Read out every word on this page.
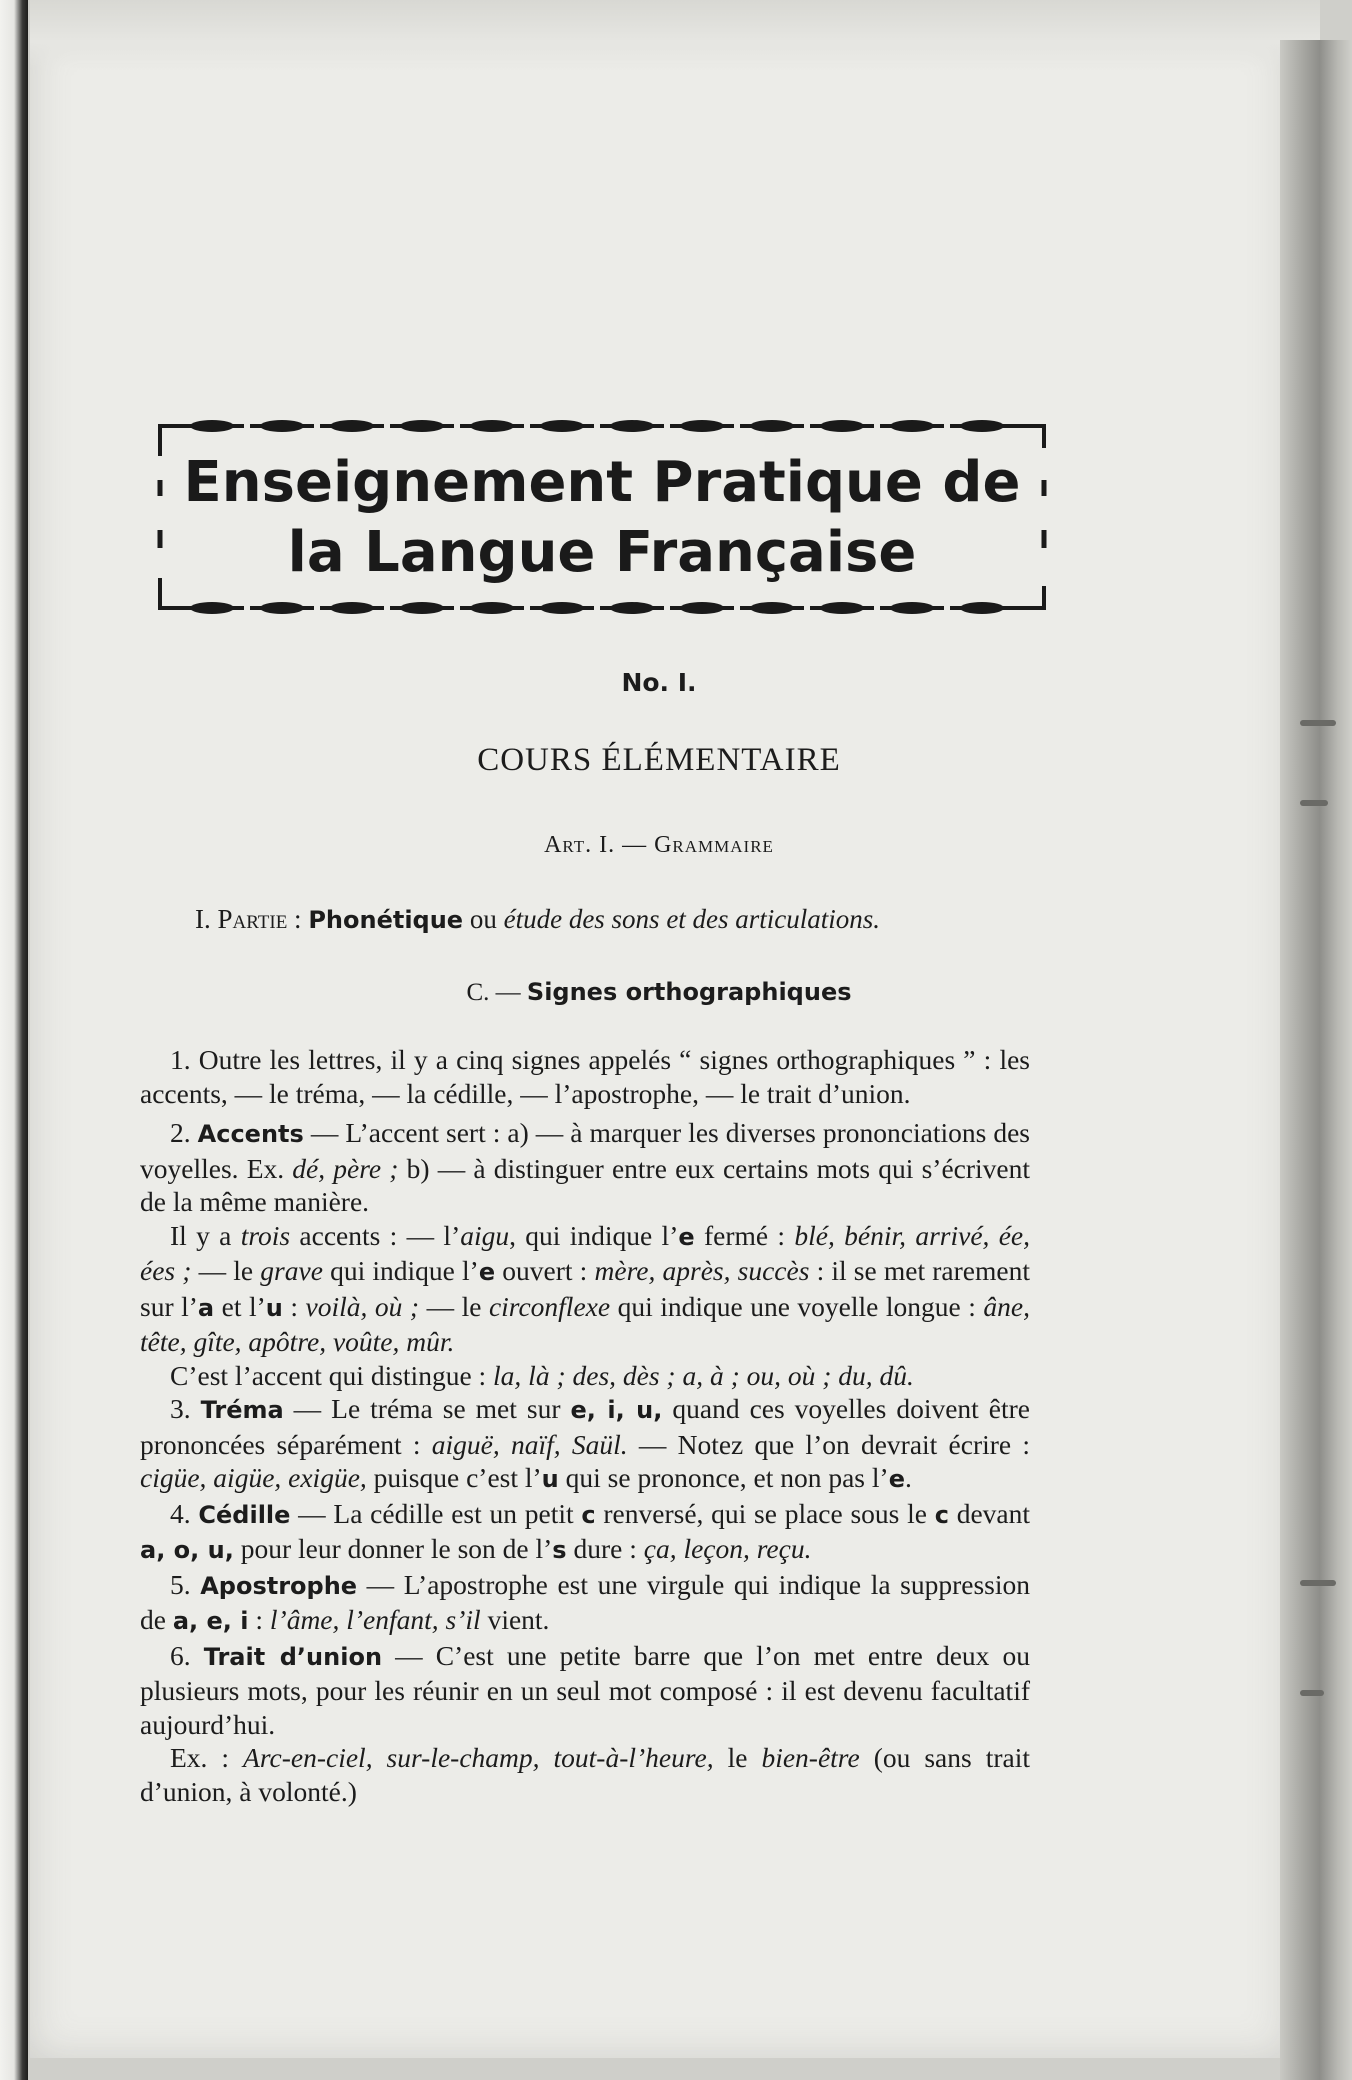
Enseignement Pratique de
la Langue Française

No. I.

COURS ÉLÉMENTAIRE

Art. I. — Grammaire

I. Partie : Phonétique ou étude des sons et des articulations.

C. — Signes orthographiques

1. Outre les lettres, il y a cinq signes appelés “ signes orthographiques ” : les accents, — le tréma, — la cédille, — l’apostrophe, — le trait d’union.

2. Accents — L’accent sert : a) — à marquer les diverses prononciations des voyelles. Ex. dé, père ; b) — à distinguer entre eux certains mots qui s’écrivent de la même manière.

Il y a trois accents : — l’aigu, qui indique l’e fermé : blé, bénir, arrivé, ée, ées ; — le grave qui indique l’e ouvert : mère, après, succès : il se met rarement sur l’a et l’u : voilà, où ; — le circonflexe qui indique une voyelle longue : âne, tête, gîte, apôtre, voûte, mûr.

C’est l’accent qui distingue : la, là ; des, dès ; a, à ; ou, où ; du, dû.

3. Tréma — Le tréma se met sur e, i, u, quand ces voyelles doivent être prononcées séparément : aiguë, naïf, Saül. — Notez que l’on devrait écrire : cigüe, aigüe, exigüe, puisque c’est l’u qui se prononce, et non pas l’e.

4. Cédille — La cédille est un petit c renversé, qui se place sous le c devant a, o, u, pour leur donner le son de l’s dure : ça, leçon, reçu.

5. Apostrophe — L’apostrophe est une virgule qui indique la suppression de a, e, i : l’âme, l’enfant, s’il vient.

6. Trait d’union — C’est une petite barre que l’on met entre deux ou plusieurs mots, pour les réunir en un seul mot composé : il est devenu facultatif aujourd’hui.

Ex. : Arc-en-ciel, sur-le-champ, tout-à-l’heure, le bien-être (ou sans trait d’union, à volonté.)
